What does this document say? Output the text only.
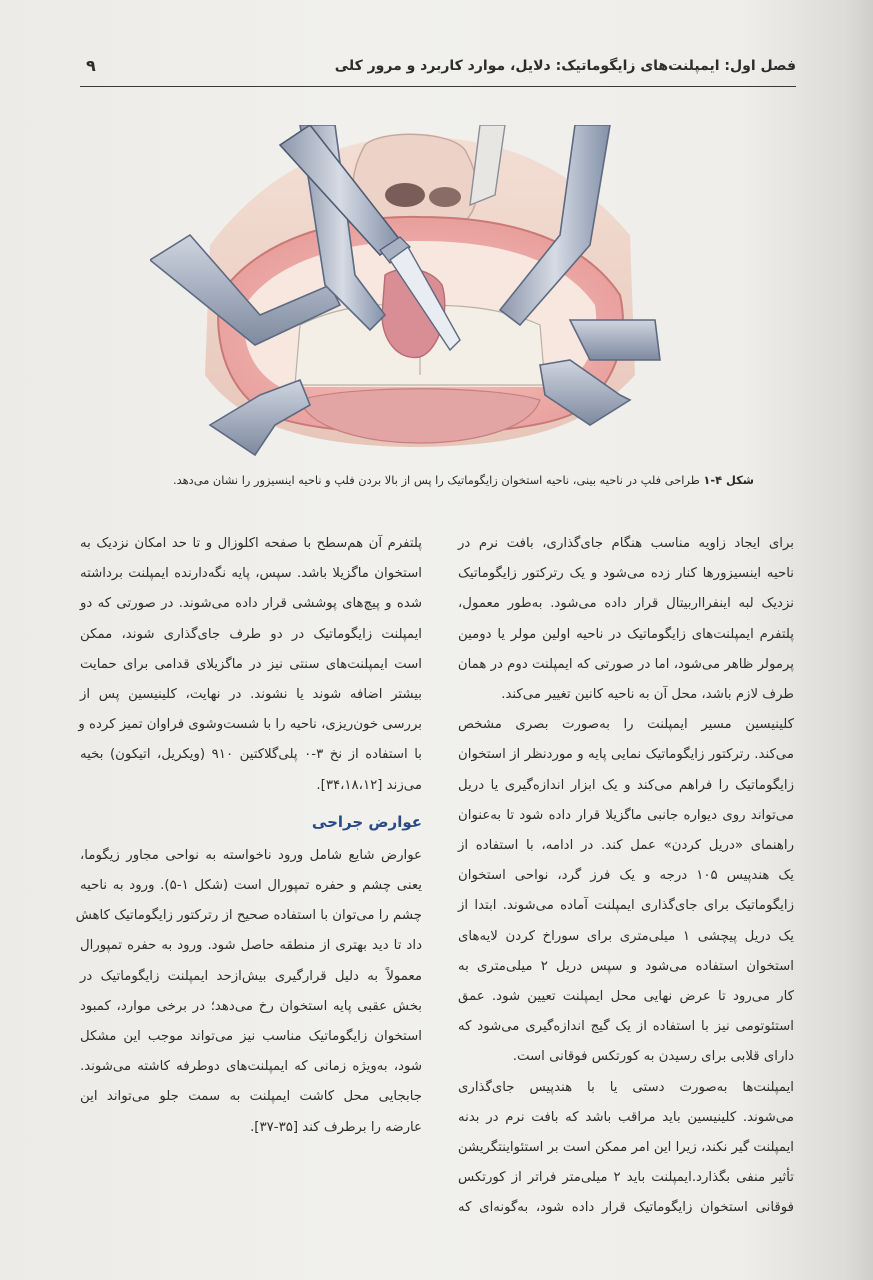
فصل اول: ایمپلنت‌های زایگوماتیک: دلایل، موارد کاربرد و مرور کلی
۹
شکل ۴-۱ طراحی فلپ در ناحیه بینی، ناحیه استخوان زایگوماتیک را پس از بالا بردن فلپ و ناحیه اینسیزور را نشان می‌دهد.

برای ایجاد زاویه مناسب هنگام جای‌گذاری، بافت نرم در
ناحیه اینسیزورها کنار زده می‌شود و یک رترکتور زایگوماتیک
نزدیک لبه اینفرااربیتال قرار داده می‌شود. به‌طور معمول،
پلتفرم ایمپلنت‌های زایگوماتیک در ناحیه اولین مولر یا دومین
پرمولر ظاهر می‌شود، اما در صورتی که ایمپلنت دوم در همان
طرف لازم باشد، محل آن به ناحیه کانین تغییر می‌کند.

کلینیسین مسیر ایمپلنت را به‌صورت بصری مشخص
می‌کند. رترکتور زایگوماتیک نمایی پایه و موردنظر از استخوان
زایگوماتیک را فراهم می‌کند و یک ابزار اندازه‌گیری یا دریل
می‌تواند روی دیواره جانبی ماگزیلا قرار داده شود تا به‌عنوان
راهنمای «دریل کردن» عمل کند. در ادامه، با استفاده از
یک هندپیس ۱۰۵ درجه و یک فرز گرد، نواحی استخوان
زایگوماتیک برای جای‌گذاری ایمپلنت آماده می‌شوند. ابتدا از
یک دریل پیچشی ۱ میلی‌متری برای سوراخ کردن لایه‌های
استخوان استفاده می‌شود و سپس دریل ۲ میلی‌متری به
کار می‌رود تا عرض نهایی محل ایمپلنت تعیین شود. عمق
استئوتومی نیز با استفاده از یک گیج اندازه‌گیری می‌شود که
دارای قلابی برای رسیدن به کورتکس فوقانی است.

ایمپلنت‌ها به‌صورت دستی یا با هندپیس جای‌گذاری
می‌شوند. کلینیسین باید مراقب باشد که بافت نرم در بدنه
ایمپلنت گیر نکند، زیرا این امر ممکن است بر استئواینتگریشن
تأثیر منفی بگذارد.ایمپلنت باید ۲ میلی‌متر فراتر از کورتکس
فوقانی استخوان زایگوماتیک قرار داده شود، به‌گونه‌ای که

پلتفرم آن هم‌سطح با صفحه اکلوزال و تا حد امکان نزدیک به
استخوان ماگزیلا باشد. سپس، پایه نگه‌دارنده ایمپلنت برداشته
شده و پیچ‌های پوششی قرار داده می‌شوند. در صورتی که دو
ایمپلنت زایگوماتیک در دو طرف جای‌گذاری شوند، ممکن
است ایمپلنت‌های سنتی نیز در ماگزیلای قدامی برای حمایت
بیشتر اضافه شوند یا نشوند. در نهایت، کلینیسین پس از
بررسی خون‌ریزی، ناحیه را با شست‌وشوی فراوان تمیز کرده و
با استفاده از نخ ۳-۰ پلی‌گلاکتین ۹۱۰ (ویکریل، اتیکون) بخیه
می‌زند [۳۴،۱۸،۱۲].

عوارض جراحی

عوارض شایع شامل ورود ناخواسته به نواحی مجاور زیگوما،
یعنی چشم و حفره تمپورال است (شکل ۱-۵). ورود به ناحیه
چشم را می‌توان با استفاده صحیح از رترکتور زایگوماتیک کاهش
داد تا دید بهتری از منطقه حاصل شود. ورود به حفره تمپورال
معمولاً به دلیل قرارگیری بیش‌ازحد ایمپلنت زایگوماتیک در
بخش عقبی پایه استخوان رخ می‌دهد؛ در برخی موارد، کمبود
استخوان زایگوماتیک مناسب نیز می‌تواند موجب این مشکل
شود، به‌ویژه زمانی که ایمپلنت‌های دوطرفه کاشته می‌شوند.
جابجایی محل کاشت ایمپلنت به سمت جلو می‌تواند این
عارضه را برطرف کند [۳۵-۳۷].
